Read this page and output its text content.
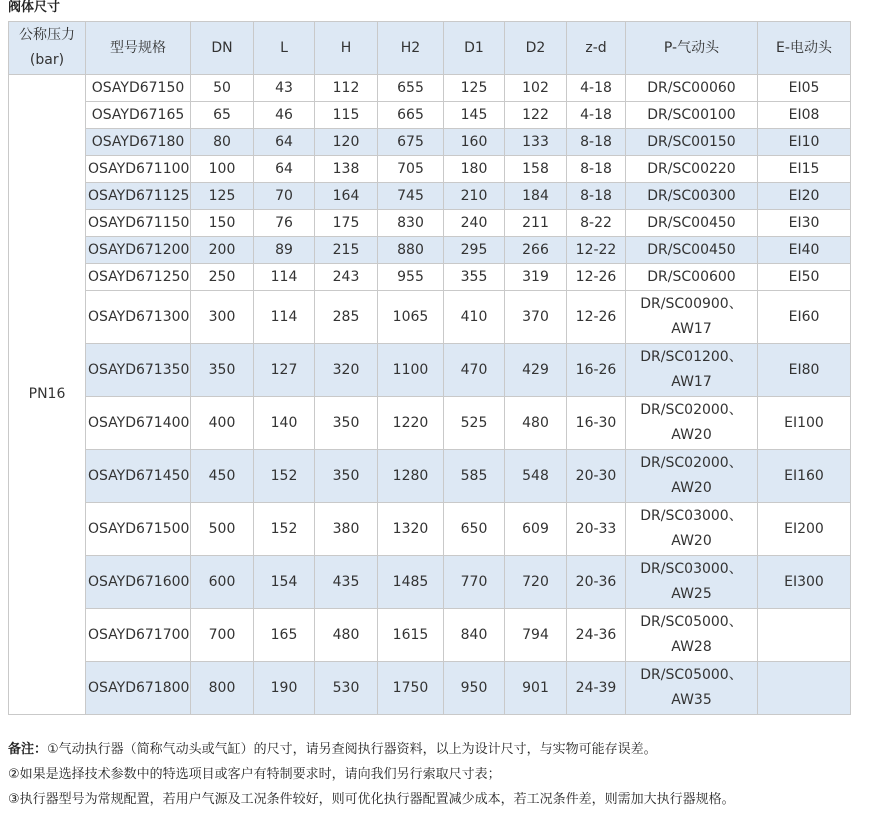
阀体尺寸
公称压力(bar)	型号规格	DN	L	H	H2	D1	D2	z-d	P-气动头	E-电动头
PN16	OSAYD67150	50	43	112	655	125	102	4-18	DR/SC00060	EI05
	OSAYD67165	65	46	115	665	145	122	4-18	DR/SC00100	EI08
	OSAYD67180	80	64	120	675	160	133	8-18	DR/SC00150	EI10
	OSAYD671100	100	64	138	705	180	158	8-18	DR/SC00220	EI15
	OSAYD671125	125	70	164	745	210	184	8-18	DR/SC00300	EI20
	OSAYD671150	150	76	175	830	240	211	8-22	DR/SC00450	EI30
	OSAYD671200	200	89	215	880	295	266	12-22	DR/SC00450	EI40
	OSAYD671250	250	114	243	955	355	319	12-26	DR/SC00600	EI50
	OSAYD671300	300	114	285	1065	410	370	12-26	DR/SC00900、
AW17	EI60
	OSAYD671350	350	127	320	1100	470	429	16-26	DR/SC01200、
AW17	EI80
	OSAYD671400	400	140	350	1220	525	480	16-30	DR/SC02000、
AW20	EI100
	OSAYD671450	450	152	350	1280	585	548	20-30	DR/SC02000、
AW20	EI160
	OSAYD671500	500	152	380	1320	650	609	20-33	DR/SC03000、
AW20	EI200
	OSAYD671600	600	154	435	1485	770	720	20-36	DR/SC03000、
AW25	EI300
	OSAYD671700	700	165	480	1615	840	794	24-36	DR/SC05000、
AW28	

	OSAYD671800	800	190	530	1750	950	901	24-39	DR/SC05000、
AW35	

备注：①气动执行器（简称气动头或气缸）的尺寸，请另查阅执行器资料，以上为设计尺寸，与实物可能存误差。
②如果是选择技术参数中的特选项目或客户有特制要求时，请向我们另行索取尺寸表；
③执行器型号为常规配置，若用户气源及工况条件较好，则可优化执行器配置减少成本，若工况条件差，则需加大执行器规格。
